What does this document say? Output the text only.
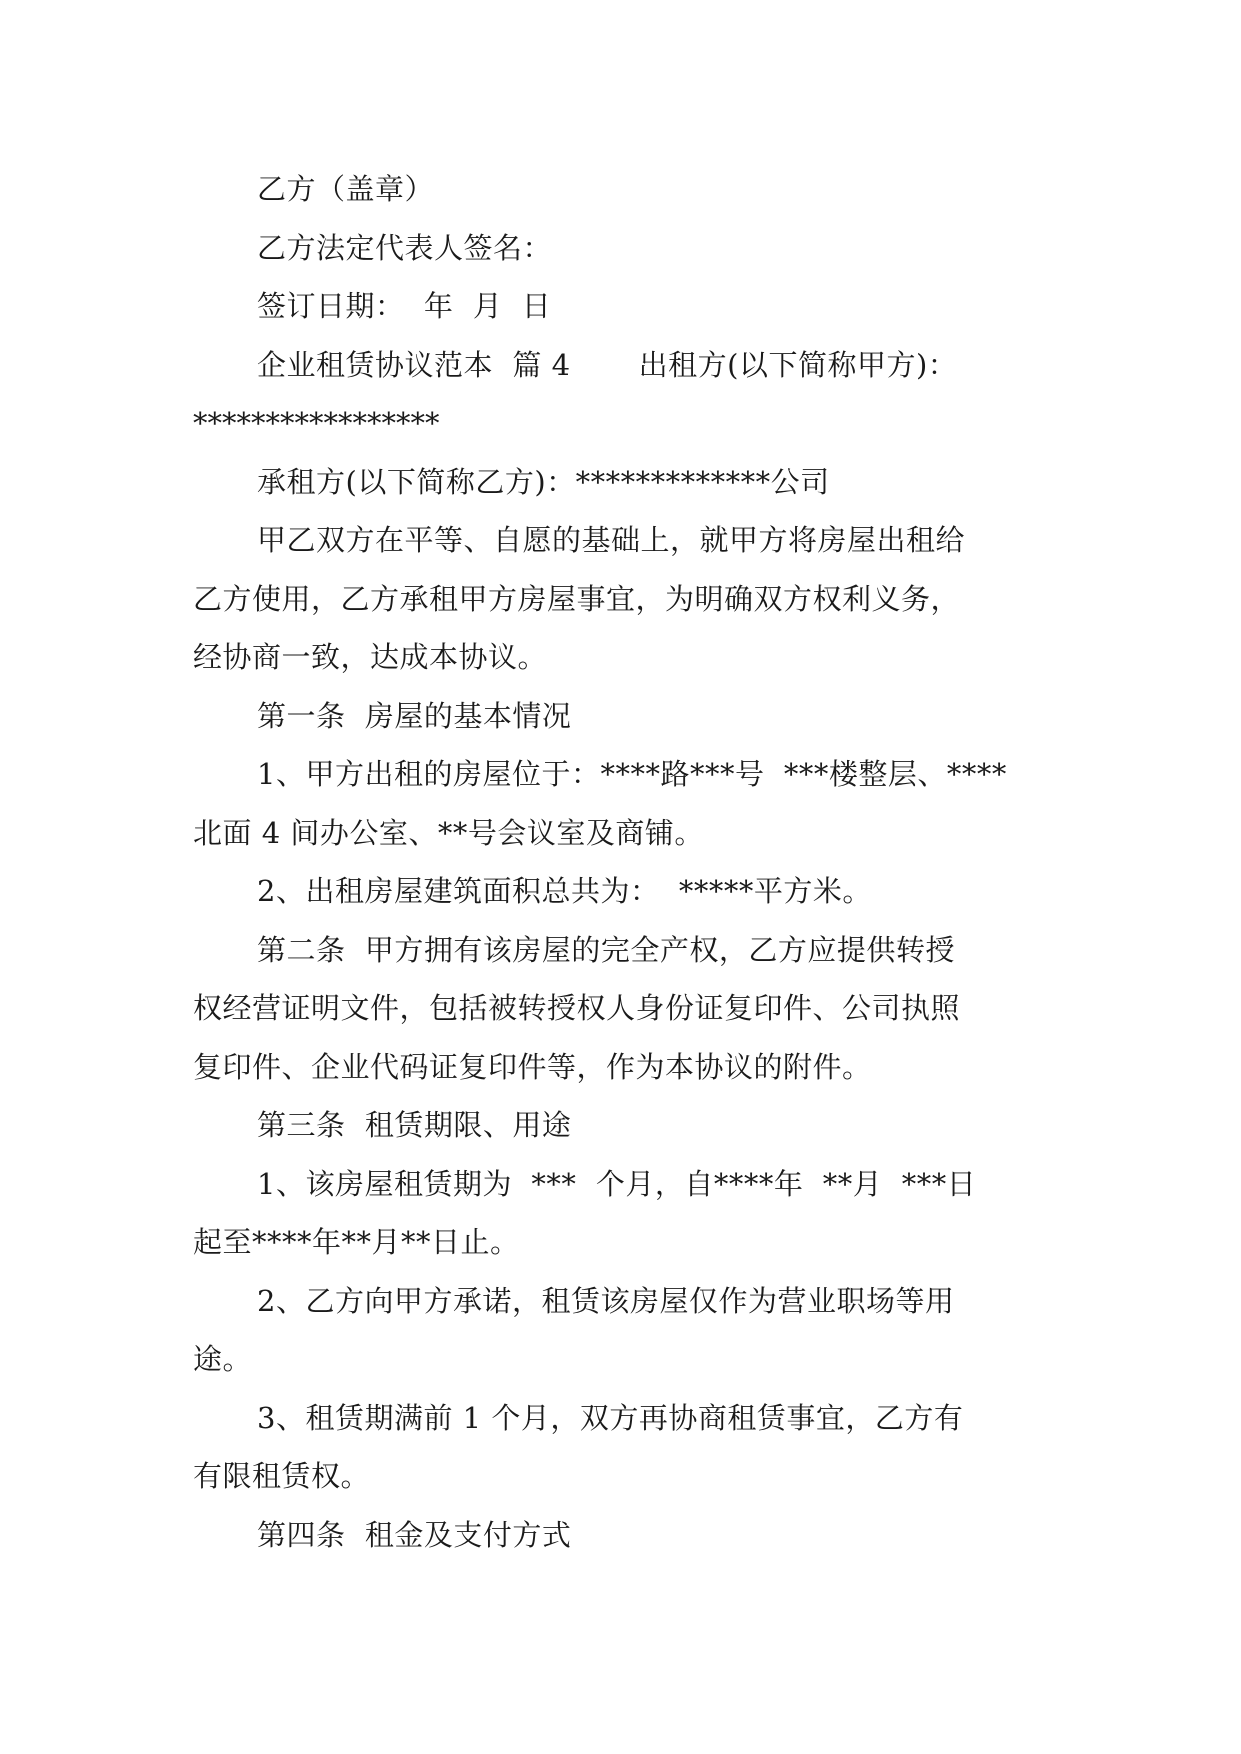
乙方（盖章）
乙方法定代表人签名：
签订日期：  年  月  日
企业租赁协议范本  篇 4       出租方(以下简称甲方)：
*****************
承租方(以下简称乙方)：*************公司
甲乙双方在平等、自愿的基础上，就甲方将房屋出租给
乙方使用，乙方承租甲方房屋事宜，为明确双方权利义务，
经协商一致，达成本协议。
第一条  房屋的基本情况
1、甲方出租的房屋位于：****路***号  ***楼整层、****
北面 4 间办公室、**号会议室及商铺。
2、出租房屋建筑面积总共为：  *****平方米。
第二条  甲方拥有该房屋的完全产权，乙方应提供转授
权经营证明文件，包括被转授权人身份证复印件、公司执照
复印件、企业代码证复印件等，作为本协议的附件。
第三条  租赁期限、用途
1、该房屋租赁期为  ***  个月，自****年  **月  ***日
起至****年**月**日止。
2、乙方向甲方承诺，租赁该房屋仅作为营业职场等用
途。
3、租赁期满前 1 个月，双方再协商租赁事宜，乙方有
有限租赁权。
第四条  租金及支付方式
